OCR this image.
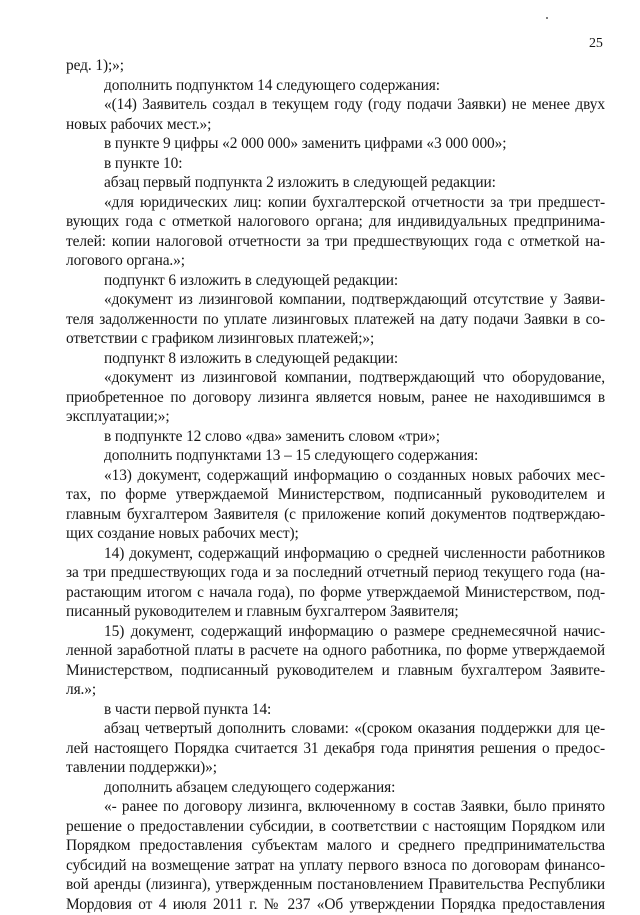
25
ред. 1);»;
дополнить подпунктом 14 следующего содержания:
«(14) Заявитель создал в текущем году (году подачи Заявки) не менее двух
новых рабочих мест.»;
в пункте 9 цифры «2 000 000» заменить цифрами «3 000 000»;
в пункте 10:
абзац первый подпункта 2 изложить в следующей редакции:
«для юридических лиц: копии бухгалтерской отчетности за три предшест-
вующих года с отметкой налогового органа; для индивидуальных предпринима-
телей: копии налоговой отчетности за три предшествующих года с отметкой на-
логового органа.»;
подпункт 6 изложить в следующей редакции:
«документ из лизинговой компании, подтверждающий отсутствие у Заяви-
теля задолженности по уплате лизинговых платежей на дату подачи Заявки в со-
ответствии с графиком лизинговых платежей;»;
подпункт 8 изложить в следующей редакции:
«документ из лизинговой компании, подтверждающий что оборудование,
приобретенное по договору лизинга является новым, ранее не находившимся в
эксплуатации;»;
в подпункте 12 слово «два» заменить словом «три»;
дополнить подпунктами 13 – 15 следующего содержания:
«13) документ, содержащий информацию о созданных новых рабочих мес-
тах, по форме утверждаемой Министерством, подписанный руководителем и
главным бухгалтером Заявителя (с приложение копий документов подтверждаю-
щих создание новых рабочих мест);
14) документ, содержащий информацию о средней численности работников
за три предшествующих года и за последний отчетный период текущего года (на-
растающим итогом с начала года), по форме утверждаемой Министерством, под-
писанный руководителем и главным бухгалтером Заявителя;
15) документ, содержащий информацию о размере среднемесячной начис-
ленной заработной платы в расчете на одного работника, по форме утверждаемой
Министерством, подписанный руководителем и главным бухгалтером Заявите-
ля.»;
в части первой пункта 14:
абзац четвертый дополнить словами: «(сроком оказания поддержки для це-
лей настоящего Порядка считается 31 декабря года принятия решения о предос-
тавлении поддержки)»;
дополнить абзацем следующего содержания:
«- ранее по договору лизинга, включенному в состав Заявки, было принято
решение о предоставлении субсидии, в соответствии с настоящим Порядком или
Порядком предоставления субъектам малого и среднего предпринимательства
субсидий на возмещение затрат на уплату первого взноса по договорам финансо-
вой аренды (лизинга), утвержденным постановлением Правительства Республики
Мордовия от 4 июля 2011 г. № 237 «Об утверждении Порядка предоставления
